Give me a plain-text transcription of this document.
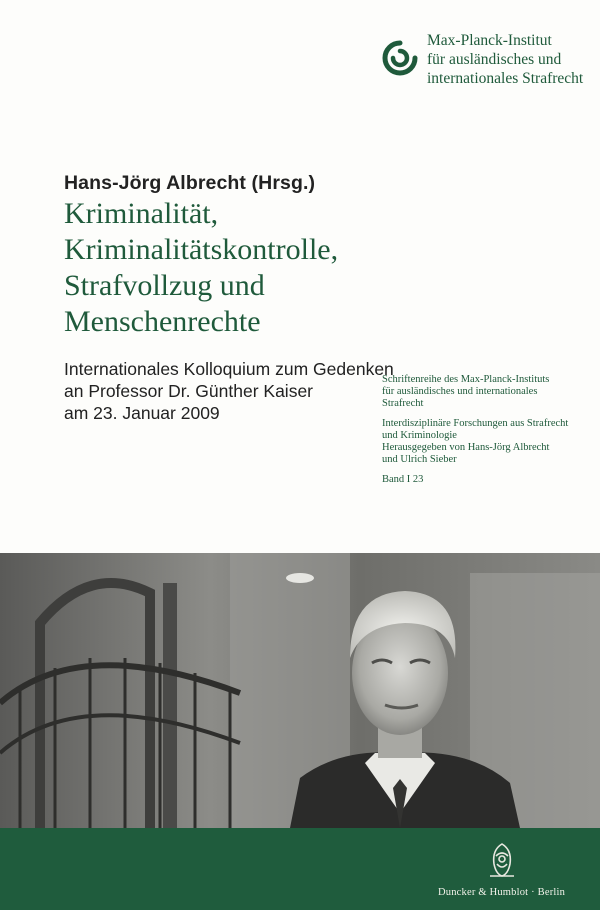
Max-Planck-Institut
für ausländisches und
internationales Strafrecht
Hans-Jörg Albrecht (Hrsg.)
Kriminalität,
Kriminalitätskontrolle,
Strafvollzug und
Menschenrechte
Internationales Kolloquium zum Gedenken
an Professor Dr. Günther Kaiser
am 23. Januar 2009
Schriftenreihe des Max-Planck-Instituts
für ausländisches und internationales
Strafrecht
Interdisziplinäre Forschungen aus Strafrecht
und Kriminologie
Herausgegeben von Hans-Jörg Albrecht
und Ulrich Sieber
Band I 23
Duncker & Humblot · Berlin
